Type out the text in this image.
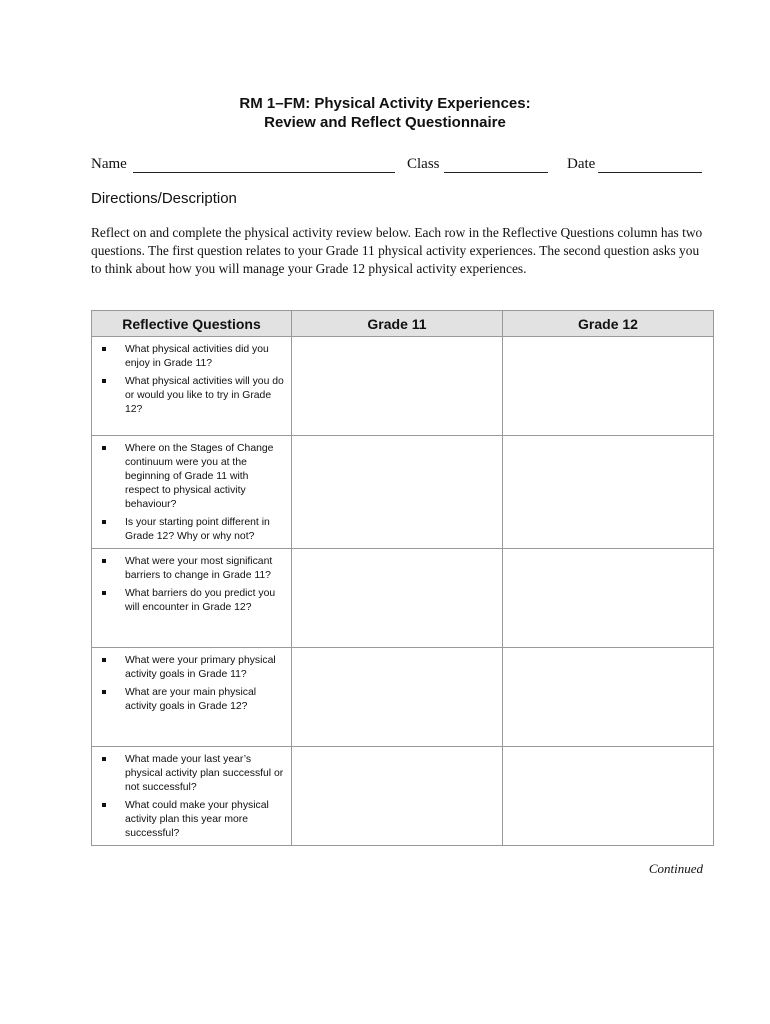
RM 1–FM: Physical Activity Experiences:
Review and Reflect Questionnaire
Name	Class	Date
Directions/Description
Reflect on and complete the physical activity review below. Each row in the Reflective Questions column has two questions. The first question relates to your Grade 11 physical activity experiences. The second question asks you to think about how you will manage your Grade 12 physical activity experiences.
Reflective Questions	Grade 11	Grade 12

What physical activities did you enjoy in Grade 11?
What physical activities will you do or would you like to try in Grade 12?		

Where on the Stages of Change continuum were you at the beginning of Grade 11 with respect to physical activity behaviour?
Is your starting point different in Grade 12? Why or why not?		

What were your most significant barriers to change in Grade 11?
What barriers do you predict you will encounter in Grade 12?		

What were your primary physical activity goals in Grade 11?
What are your main physical activity goals in Grade 12?		

What made your last year’s physical activity plan successful or not successful?
What could make your physical activity plan this year more successful?		

Continued
